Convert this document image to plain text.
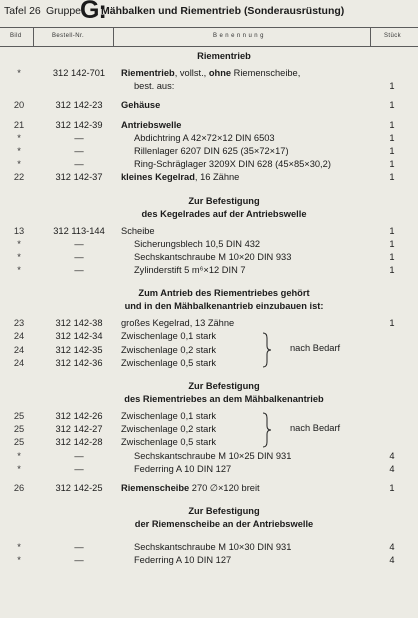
Tafel 26 Gruppe
G:
Mähbalken und Riementrieb (Sonderausrüstung)
Bild	Bestell-Nr.	B e n e n n u n g	Stück
Riementrieb
*	312 142-701	Riementrieb, vollst., ohne Riemenscheibe,
best. aus:	1
20	312 142-23	Gehäuse	1
21	312 142-39	Antriebswelle	1
*	—	Abdichtring A 42×72×12 DIN 6503	1
*	—	Rillenlager 6207 DIN 625 (35×72×17)	1
*	—	Ring-Schräglager 3209X DIN 628 (45×85×30,2)	1
22	312 142-37	kleines Kegelrad, 16 Zähne	1
Zur Befestigung
des Kegelrades auf der Antriebswelle
13	312 113-144	Scheibe	1
*	—	Sicherungsblech 10,5 DIN 432	1
*	—	Sechskantschraube M 10×20 DIN 933	1
*	—	Zylinderstift 5 m⁶×12 DIN 7	1
Zum Antrieb des Riementriebes gehört
und in den Mähbalkenantrieb einzubauen ist:
23	312 142-38	großes Kegelrad, 13 Zähne	1
24	312 142-34	Zwischenlage 0,1 stark
24	312 142-35	Zwischenlage 0,2 stark
24	312 142-36	Zwischenlage 0,5 stark
nach Bedarf
Zur Befestigung
des Riementriebes an dem Mähbalkenantrieb
25	312 142-26	Zwischenlage 0,1 stark
25	312 142-27	Zwischenlage 0,2 stark
25	312 142-28	Zwischenlage 0,5 stark
nach Bedarf
*	—	Sechskantschraube M 10×25 DIN 931	4
*	—	Federring A 10 DIN 127	4
26	312 142-25	Riemenscheibe 270 ∅×120 breit	1
Zur Befestigung
der Riemenscheibe an der Antriebswelle
*	—	Sechskantschraube M 10×30 DIN 931	4
*	—	Federring A 10 DIN 127	4
